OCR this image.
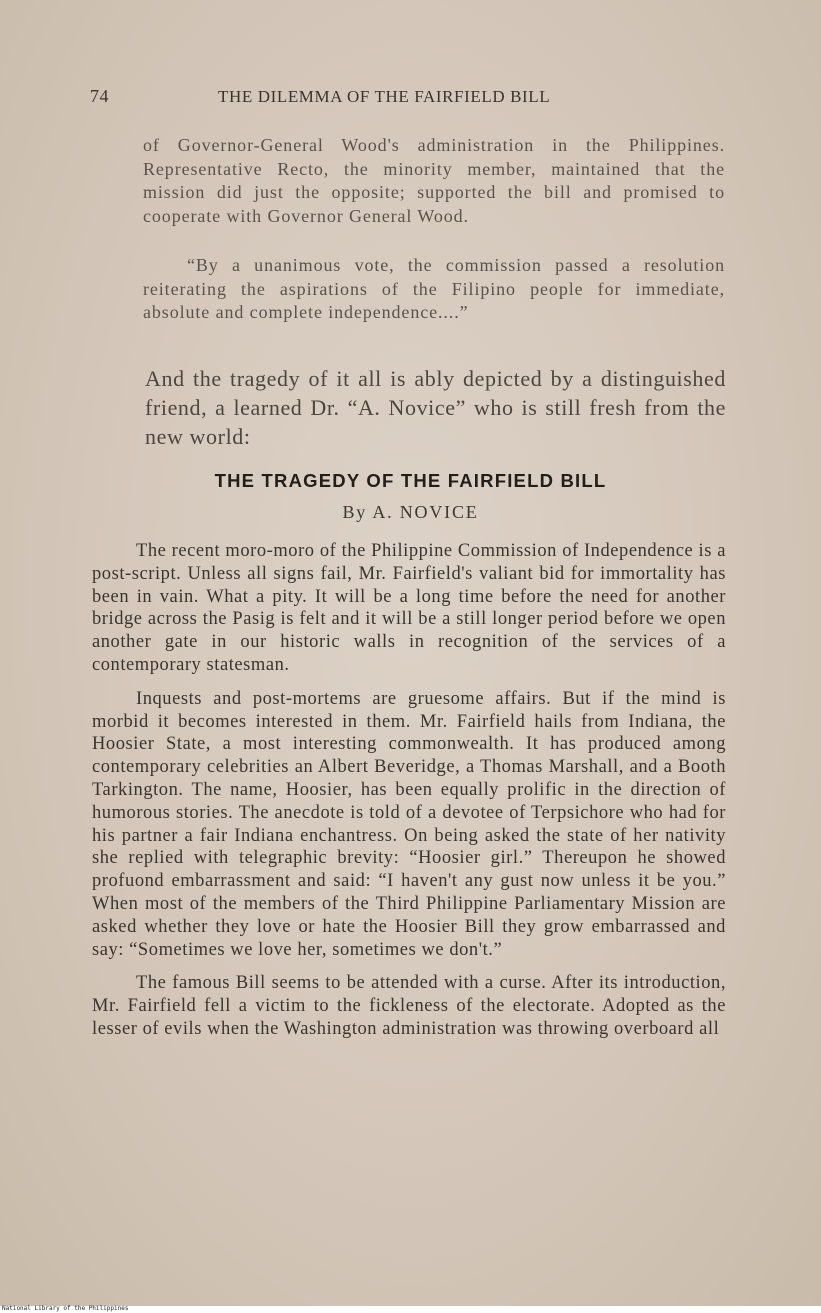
74	THE DILEMMA OF THE FAIRFIELD BILL

of Governor-General Wood's administration in the Philippines. Representative Recto, the minority member, maintained that the mission did just the opposite; supported the bill and promised to cooperate with Governor General Wood.

“By a unanimous vote, the commission passed a resolution reiterating the aspirations of the Filipino people for immediate, absolute and complete independence....”

And the tragedy of it all is ably depicted by a distinguished friend, a learned Dr. “A. Novice” who is still fresh from the new world:

THE TRAGEDY OF THE FAIRFIELD BILL
By A. NOVICE

The recent moro-moro of the Philippine Commission of Independence is a post-script. Unless all signs fail, Mr. Fairfield's valiant bid for immortality has been in vain. What a pity. It will be a long time before the need for another bridge across the Pasig is felt and it will be a still longer period before we open another gate in our historic walls in recognition of the services of a contemporary statesman.

Inquests and post-mortems are gruesome affairs. But if the mind is morbid it becomes interested in them. Mr. Fairfield hails from Indiana, the Hoosier State, a most interesting commonwealth. It has produced among contemporary celebrities an Albert Beveridge, a Thomas Marshall, and a Booth Tarkington. The name, Hoosier, has been equally prolific in the direction of humorous stories. The anecdote is told of a devotee of Terpsichore who had for his partner a fair Indiana enchantress. On being asked the state of her nativity she replied with telegraphic brevity: “Hoosier girl.” Thereupon he showed profuond embarrassment and said: “I haven't any gust now unless it be you.” When most of the members of the Third Philippine Parliamentary Mission are asked whether they love or hate the Hoosier Bill they grow embarrassed and say: “Sometimes we love her, sometimes we don't.”

The famous Bill seems to be attended with a curse. After its introduction, Mr. Fairfield fell a victim to the fickleness of the electorate. Adopted as the lesser of evils when the Washington administration was throwing overboard all

National Library of the Philippines
